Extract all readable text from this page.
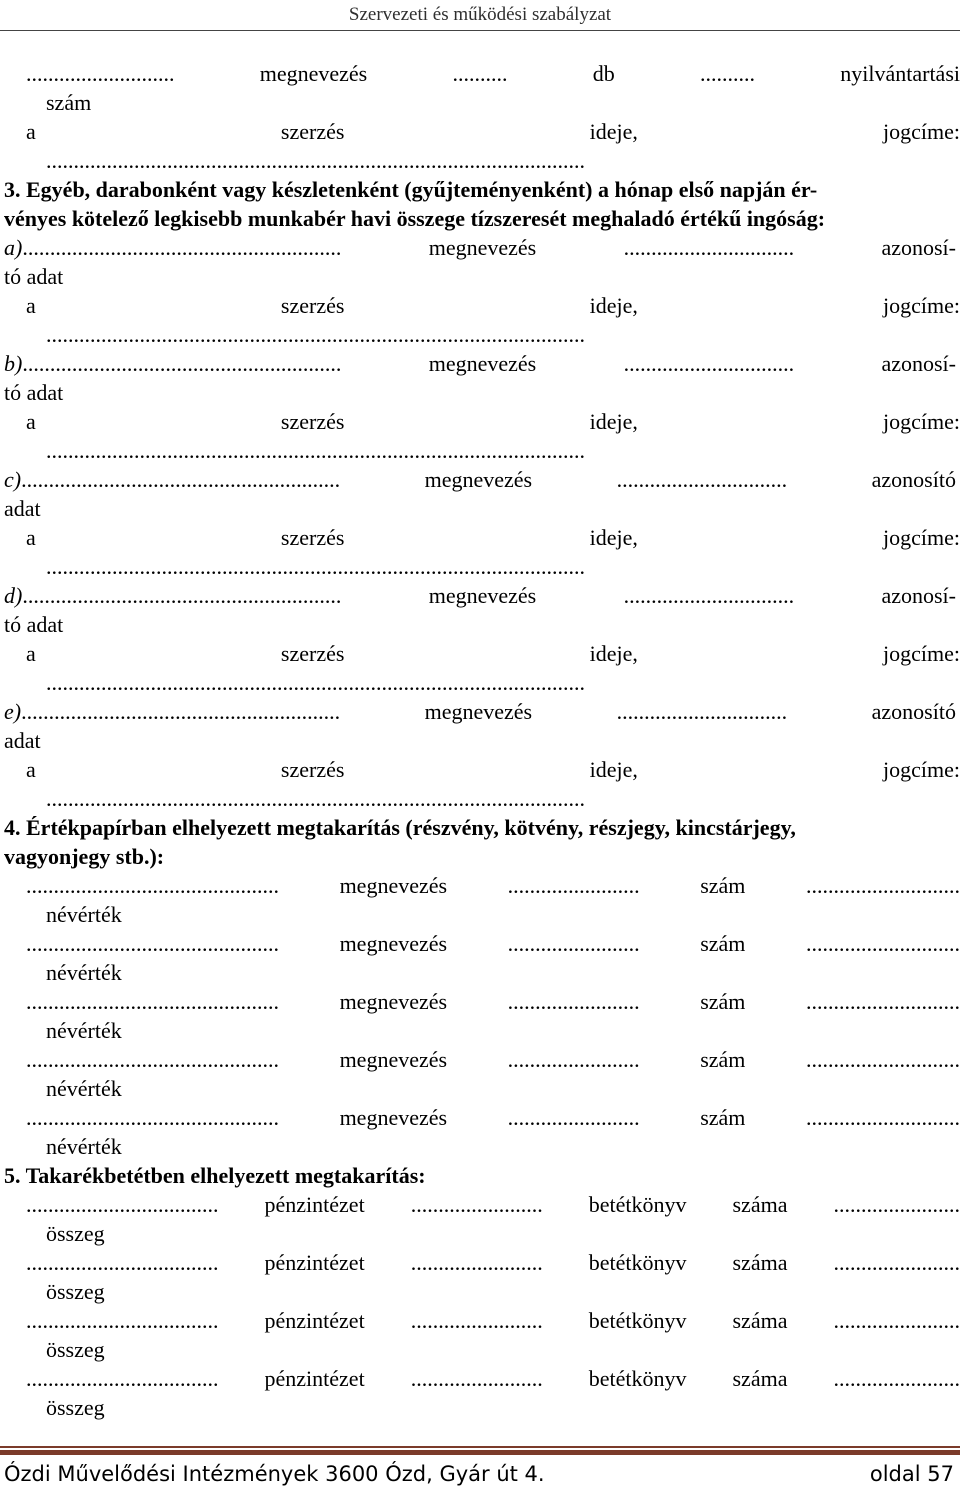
Szervezeti és működési szabályzat
...........................	megnevezés	..........	db	..........	nyilvántartási
szám
a	szerzés	ideje,	jogcíme:
..................................................................................................
3. Egyéb, darabonként vagy készletenként (gyűjteményenként) a hónap első napján ér-
vényes kötelező legkisebb munkabér havi összege tízszeresét meghaladó értékű ingóság:
a)..........................................................	megnevezés	...............................	azonosí-
tó adat
a	szerzés	ideje,	jogcíme:
..................................................................................................
b)..........................................................	megnevezés	...............................	azonosí-
tó adat
a	szerzés	ideje,	jogcíme:
..................................................................................................
c)..........................................................	megnevezés	...............................	azonosító
adat
a	szerzés	ideje,	jogcíme:
..................................................................................................
d)..........................................................	megnevezés	...............................	azonosí-
tó adat
a	szerzés	ideje,	jogcíme:
..................................................................................................
e)..........................................................	megnevezés	...............................	azonosító
adat
a	szerzés	ideje,	jogcíme:
..................................................................................................
4. Értékpapírban elhelyezett megtakarítás (részvény, kötvény, részjegy, kincstárjegy,
vagyonjegy stb.):
..............................................	megnevezés	........................	szám	............................
névérték
..............................................	megnevezés	........................	szám	............................
névérték
..............................................	megnevezés	........................	szám	............................
névérték
..............................................	megnevezés	........................	szám	............................
névérték
..............................................	megnevezés	........................	szám	............................
névérték
5. Takarékbetétben elhelyezett megtakarítás:
................................... pénzintézet ........................ betétkönyv száma .......................
összeg
................................... pénzintézet ........................ betétkönyv száma .......................
összeg
................................... pénzintézet ........................ betétkönyv száma .......................
összeg
................................... pénzintézet ........................ betétkönyv száma .......................
összeg
Ózdi Művelődési Intézmények 3600 Ózd, Gyár út 4.	oldal 57
